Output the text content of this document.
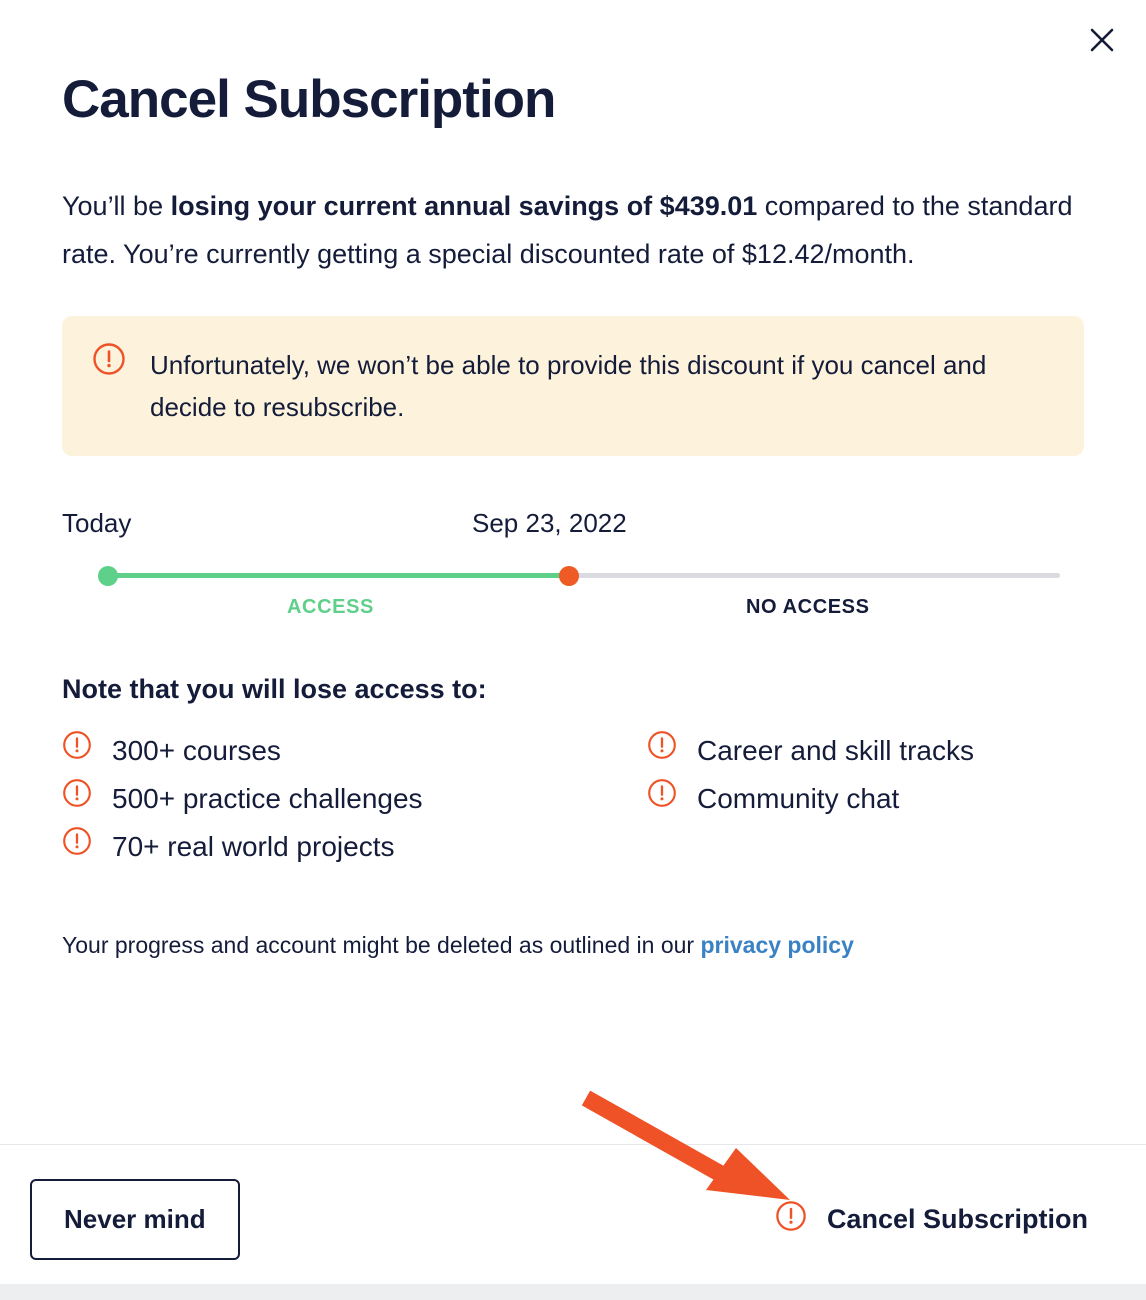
Cancel Subscription

You’ll be losing your current annual savings of $439.01 compared to the standard rate. You’re currently getting a special discounted rate of $12.42/month.

Unfortunately, we won’t be able to provide this discount if you cancel and decide to resubscribe.
Today	Sep 23, 2022
ACCESS	NO ACCESS
Note that you will lose access to:
300+ courses
500+ practice challenges
70+ real world projects
Career and skill tracks
Community chat

Your progress and account might be deleted as outlined in our privacy policy

Never mind	Cancel Subscription
